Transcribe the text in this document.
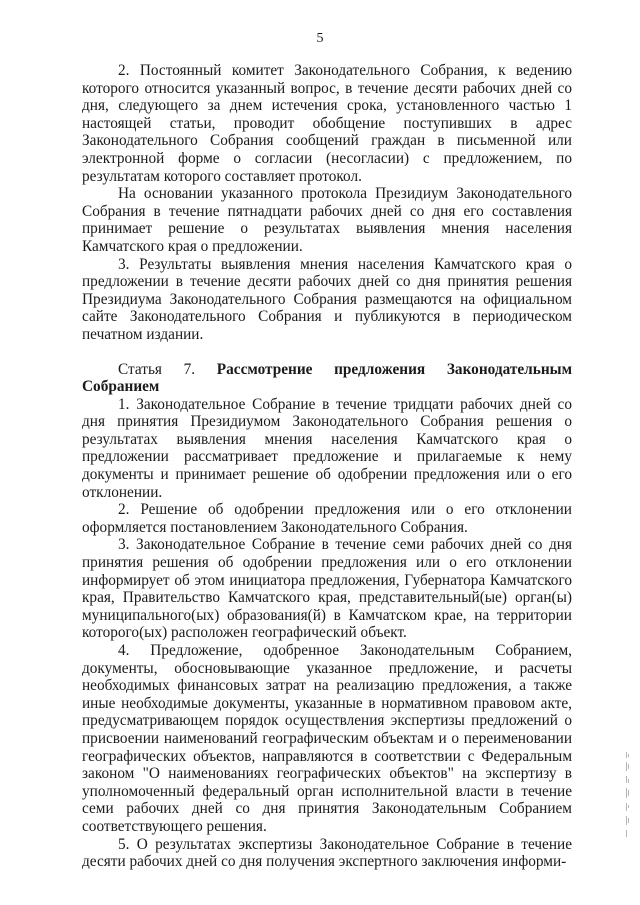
5

2. Постоянный комитет Законодательного Собрания, к ведению которого относится указанный вопрос, в течение десяти рабочих дней со дня, следующего за днем истечения срока, установленного частью 1 настоящей статьи, проводит обобщение поступивших в адрес Законодательного Собрания сообщений граждан в письменной или электронной форме о согласии (несогласии) с предложением, по результатам которого составляет протокол.

На основании указанного протокола Президиум Законодательного Собрания в течение пятнадцати рабочих дней со дня его составления принимает решение о результатах выявления мнения населения Камчатского края о предложении.

3. Результаты выявления мнения населения Камчатского края о предложении в течение десяти рабочих дней со дня принятия решения Президиума Законодательного Собрания размещаются на официальном сайте Законодательного Собрания и публикуются в периодическом печатном издании.

Статья 7. Рассмотрение предложения Законодательным Собранием

1. Законодательное Собрание в течение тридцати рабочих дней со дня принятия Президиумом Законодательного Собрания решения о результатах выявления мнения населения Камчатского края о предложении рассматривает предложение и прилагаемые к нему документы и принимает решение об одобрении предложения или о его отклонении.

2. Решение об одобрении предложения или о его отклонении оформляется постановлением Законодательного Собрания.

3. Законодательное Собрание в течение семи рабочих дней со дня принятия решения об одобрении предложения или о его отклонении информирует об этом инициатора предложения, Губернатора Камчатского края, Правительство Камчатского края, представительный(ые) орган(ы) муниципального(ых) образования(й) в Камчатском крае, на территории которого(ых) расположен географический объект.

4. Предложение, одобренное Законодательным Собранием, документы, обосновывающие указанное предложение, и расчеты необходимых финансовых затрат на реализацию предложения, а также иные необходимые документы, указанные в нормативном правовом акте, предусматривающем порядок осуществления экспертизы предложений о присвоении наименований географическим объектам и о переименовании географических объектов, направляются в соответствии с Федеральным законом "О наименованиях географических объектов" на экспертизу в уполномоченный федеральный орган исполнительной власти в течение семи рабочих дней со дня принятия Законодательным Собранием соответствующего решения.

5. О результатах экспертизы Законодательное Собрание в течение десяти рабочих дней со дня получения экспертного заключения информи-
